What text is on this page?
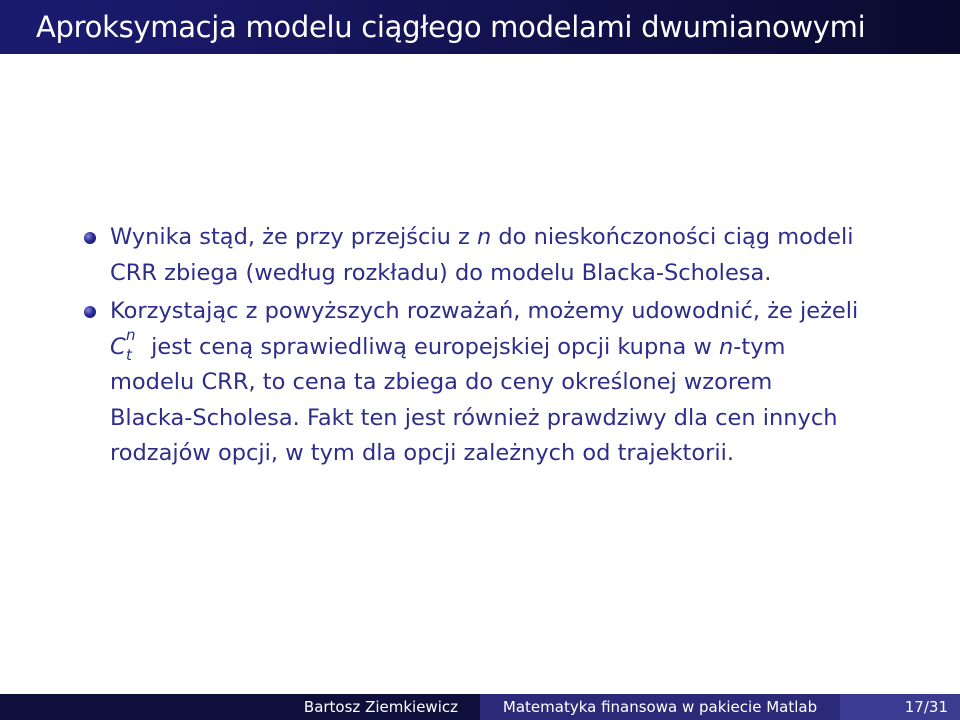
Aproksymacja modelu ciągłego modelami dwumianowymi

Wynika stąd, że przy przejściu z n do nieskończoności ciąg modeli

CRR zbiega (według rozkładu) do modelu Blacka-Scholesa.

Korzystając z powyższych rozważań, możemy udowodnić, że jeżeli

C n
t jest ceną sprawiedliwą europejskiej opcji kupna w n-tym

modelu CRR, to cena ta zbiega do ceny określonej wzorem

Blacka-Scholesa. Fakt ten jest również prawdziwy dla cen innych

rodzajów opcji, w tym dla opcji zależnych od trajektorii.

Bartosz Ziemkiewicz	Matematyka finansowa w pakiecie Matlab	17/31
